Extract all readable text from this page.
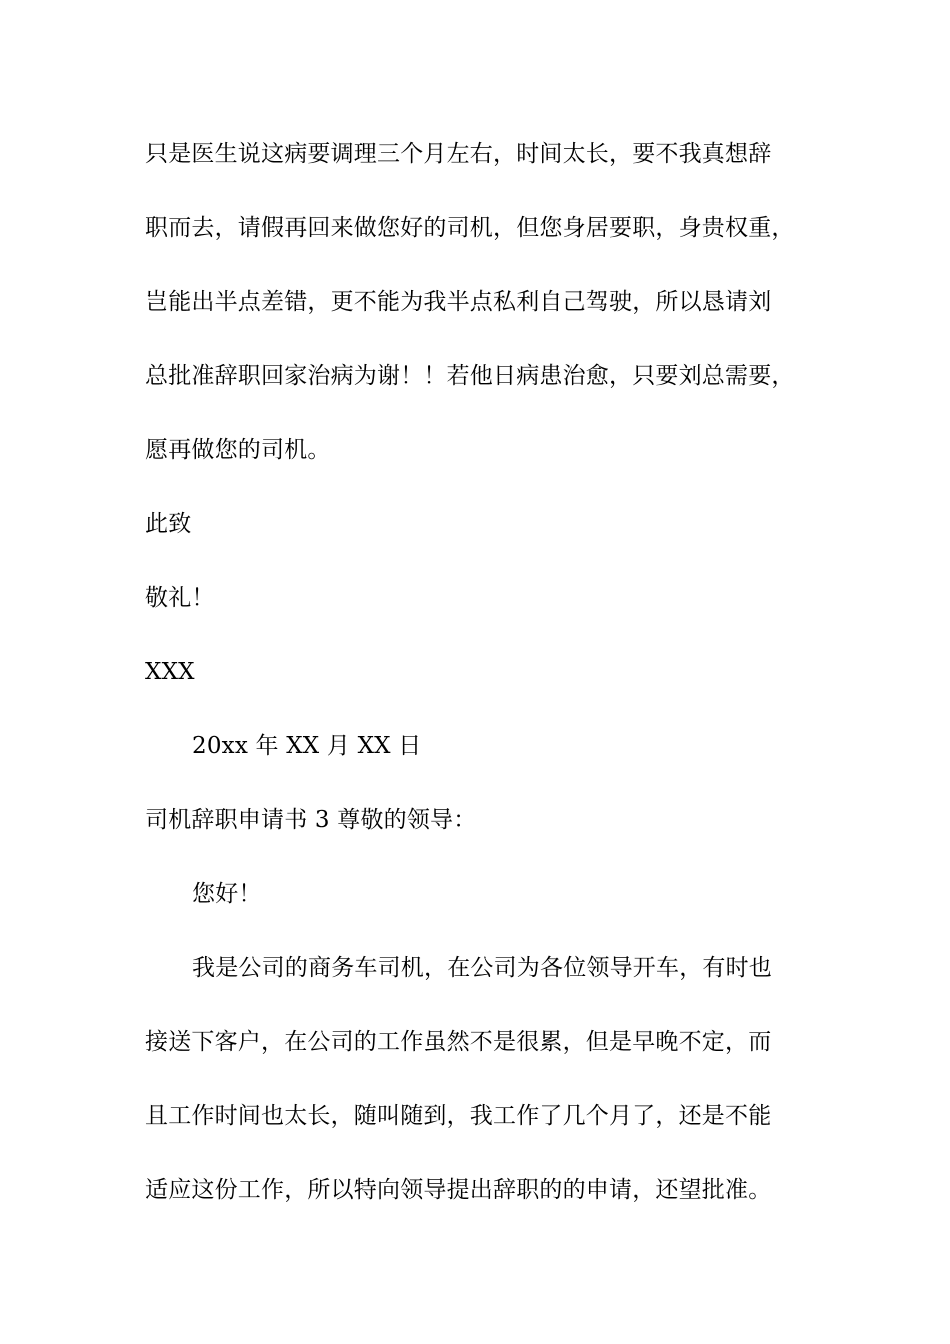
只是医生说这病要调理三个月左右，时间太长，要不我真想辞
职而去，请假再回来做您好的司机，但您身居要职，身贵权重，
岂能出半点差错，更不能为我半点私利自己驾驶，所以恳请刘
总批准辞职回家治病为谢！！若他日病患治愈，只要刘总需要，
愿再做您的司机。
此致
敬礼！
XXX
20xx 年 XX 月 XX 日
司机辞职申请书 3 尊敬的领导：
您好！
我是公司的商务车司机，在公司为各位领导开车，有时也
接送下客户，在公司的工作虽然不是很累，但是早晚不定，而
且工作时间也太长，随叫随到，我工作了几个月了，还是不能
适应这份工作，所以特向领导提出辞职的的申请，还望批准。
